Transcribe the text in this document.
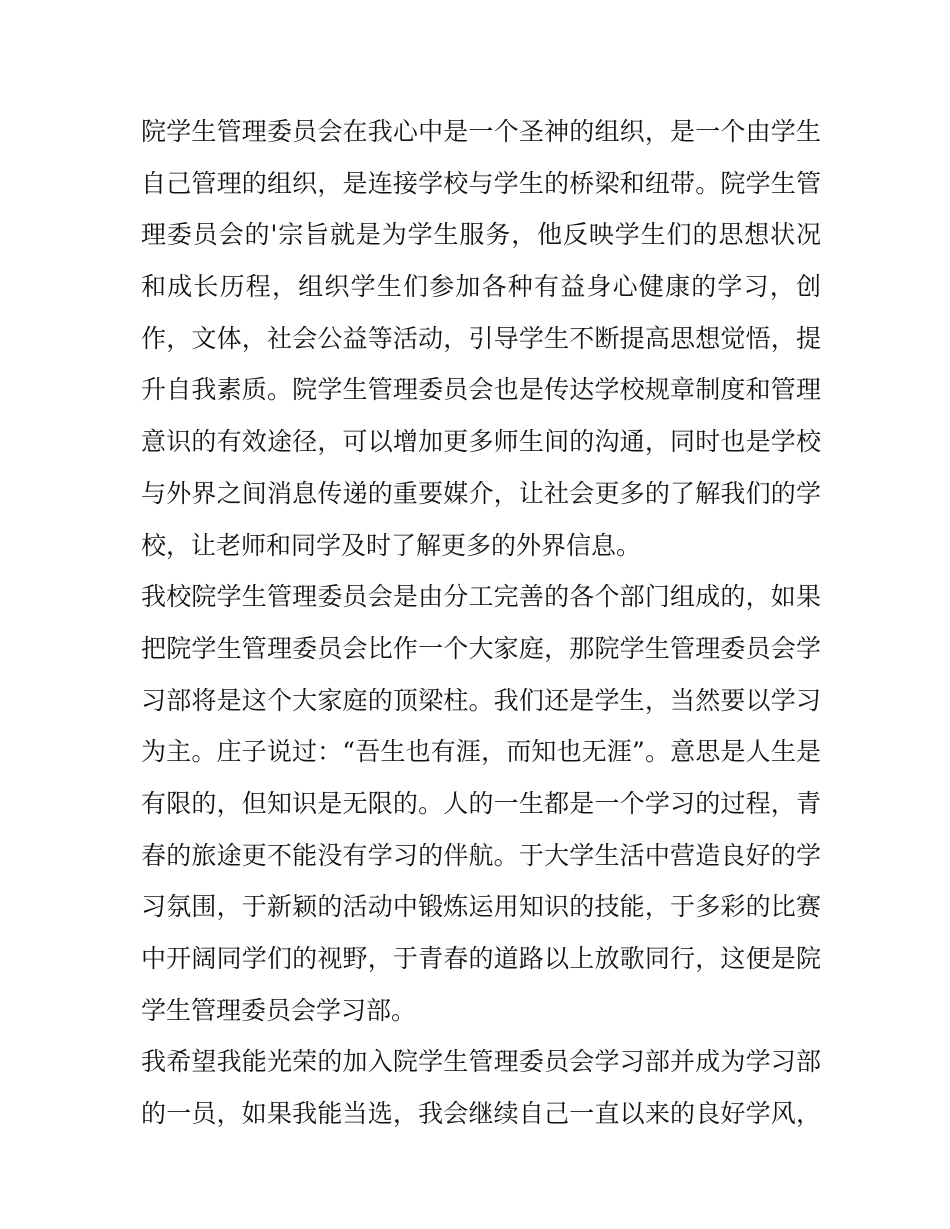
院学生管理委员会在我心中是一个圣神的组织，是一个由学生
自己管理的组织，是连接学校与学生的桥梁和纽带。院学生管
理委员会的'宗旨就是为学生服务，他反映学生们的思想状况
和成长历程，组织学生们参加各种有益身心健康的学习，创
作，文体，社会公益等活动，引导学生不断提高思想觉悟，提
升自我素质。院学生管理委员会也是传达学校规章制度和管理
意识的有效途径，可以增加更多师生间的沟通，同时也是学校
与外界之间消息传递的重要媒介，让社会更多的了解我们的学
校，让老师和同学及时了解更多的外界信息。
我校院学生管理委员会是由分工完善的各个部门组成的，如果
把院学生管理委员会比作一个大家庭，那院学生管理委员会学
习部将是这个大家庭的顶梁柱。我们还是学生，当然要以学习
为主。庄子说过：“吾生也有涯，而知也无涯”。意思是人生是
有限的，但知识是无限的。人的一生都是一个学习的过程，青
春的旅途更不能没有学习的伴航。于大学生活中营造良好的学
习氛围，于新颖的活动中锻炼运用知识的技能，于多彩的比赛
中开阔同学们的视野，于青春的道路以上放歌同行，这便是院
学生管理委员会学习部。
我希望我能光荣的加入院学生管理委员会学习部并成为学习部
的一员，如果我能当选，我会继续自己一直以来的良好学风，
